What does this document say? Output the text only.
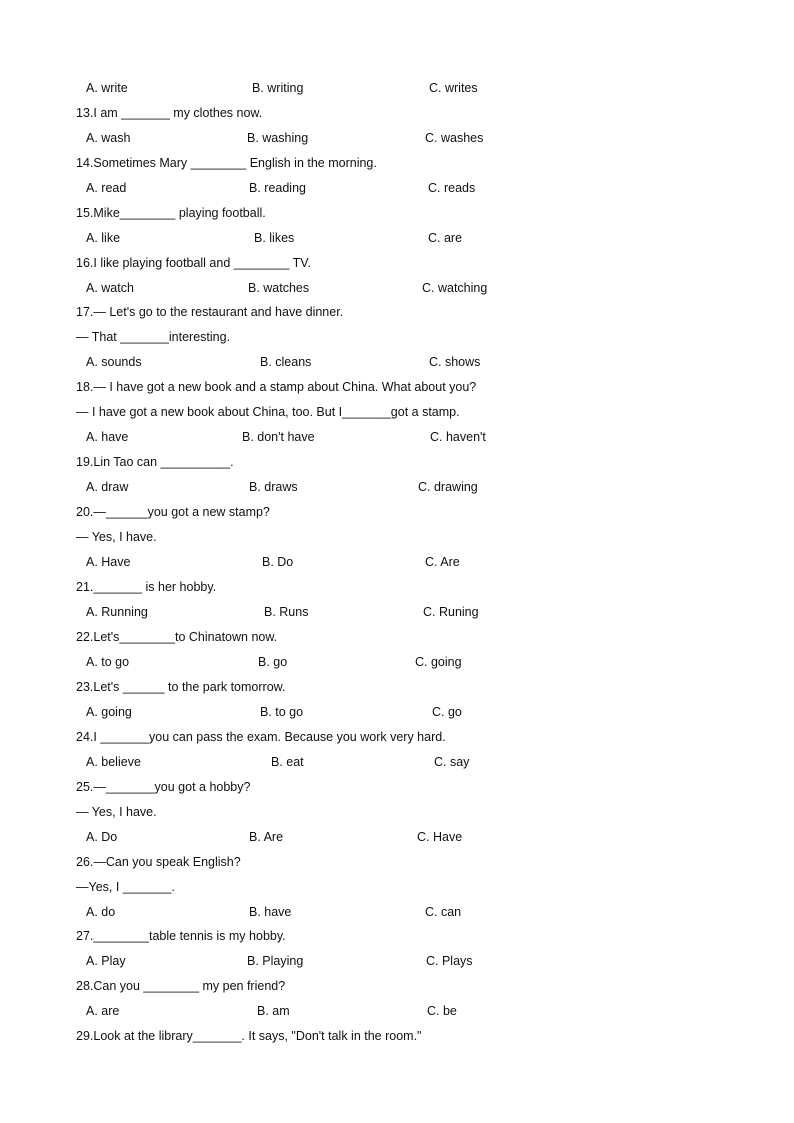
A. write	B. writing	C. writes
13.I am _______ my clothes now.
A. wash	B. washing	C. washes
14.Sometimes Mary ________ English in the morning.
A. read	B. reading	C. reads
15.Mike________ playing football.
A. like	B. likes	C. are
16.I like playing football and ________ TV.
A. watch	B. watches	C. watching
17.— Let's go to the restaurant and have dinner.
— That _______interesting.
A. sounds	B. cleans	C. shows
18.— I have got a new book and a stamp about China. What about you?
— I have got a new book about China, too. But I_______got a stamp.
A. have	B. don't have	C. haven't
19.Lin Tao can __________.
A. draw	B. draws	C. drawing
20.—______you got a new stamp?
— Yes, I have.
A. Have	B. Do	C. Are
21._______ is her hobby.
A. Running	B. Runs	C. Runing
22.Let's________to Chinatown now.
A. to go	B. go	C. going
23.Let's ______ to the park tomorrow.
A. going	B. to go	C. go
24.I _______you can pass the exam. Because you work very hard.
A. believe	B. eat	C. say
25.—_______you got a hobby?
— Yes, I have.
A. Do	B. Are	C. Have
26.—Can you speak English?
—Yes, I _______.
A. do	B. have	C. can
27.________table tennis is my hobby.
A. Play	B. Playing	C. Plays
28.Can you ________ my pen friend?
A. are	B. am	C. be
29.Look at the library_______. It says, "Don't talk in the room."
